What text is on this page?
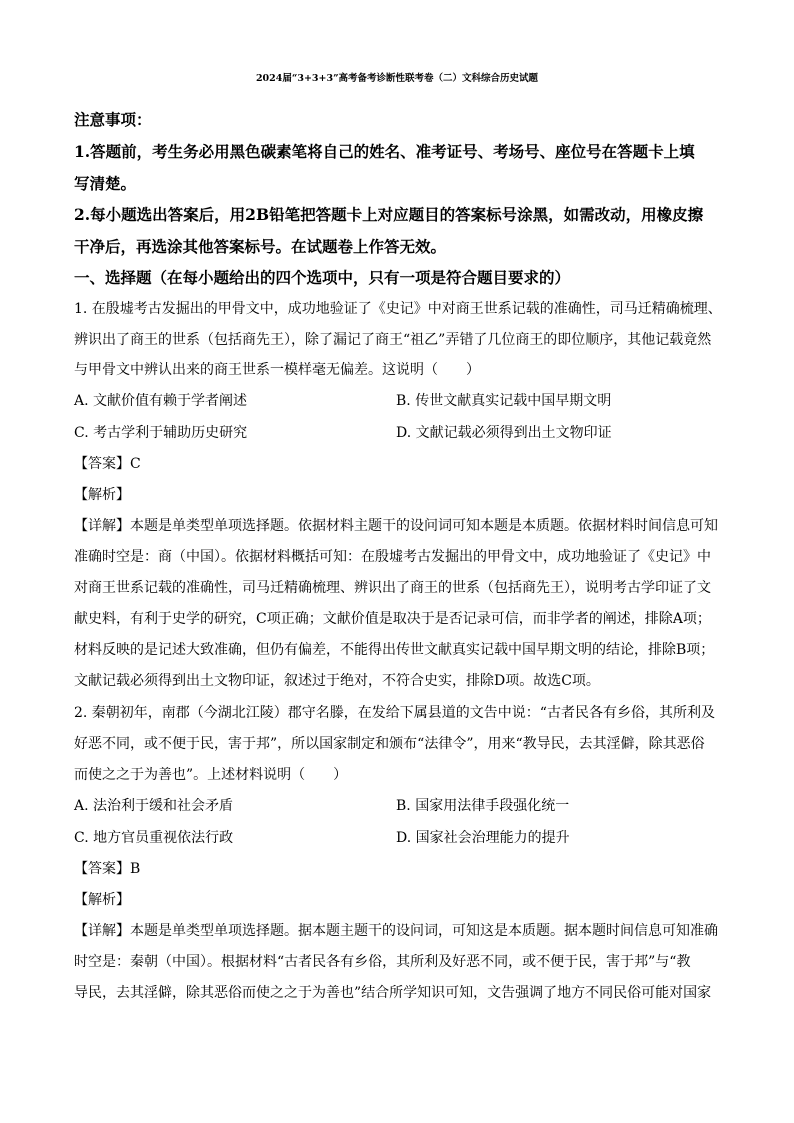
2024届“3+3+3”高考备考诊断性联考卷（二）文科综合历史试题
注意事项：
1.答题前，考生务必用黑色碳素笔将自己的姓名、准考证号、考场号、座位号在答题卡上填
写清楚。
2.每小题选出答案后，用2B铅笔把答题卡上对应题目的答案标号涂黑，如需改动，用橡皮擦
干净后，再选涂其他答案标号。在试题卷上作答无效。
一、选择题（在每小题给出的四个选项中，只有一项是符合题目要求的）
1. 在殷墟考古发掘出的甲骨文中，成功地验证了《史记》中对商王世系记载的准确性，司马迁精确梳理、
辨识出了商王的世系（包括商先王），除了漏记了商王“祖乙”弄错了几位商王的即位顺序，其他记载竟然
与甲骨文中辨认出来的商王世系一模样毫无偏差。这说明（　　）
A. 文献价值有赖于学者阐述	B. 传世文献真实记载中国早期文明
C. 考古学利于辅助历史研究	D. 文献记载必须得到出土文物印证
【答案】C
【解析】
【详解】本题是单类型单项选择题。依据材料主题干的设问词可知本题是本质题。依据材料时间信息可知
准确时空是：商（中国）。依据材料概括可知：在殷墟考古发掘出的甲骨文中，成功地验证了《史记》中
对商王世系记载的准确性，司马迁精确梳理、辨识出了商王的世系（包括商先王），说明考古学印证了文
献史料，有利于史学的研究，C项正确；文献价值是取决于是否记录可信，而非学者的阐述，排除A项；
材料反映的是记述大致准确，但仍有偏差，不能得出传世文献真实记载中国早期文明的结论，排除B项；
文献记载必须得到出土文物印证，叙述过于绝对，不符合史实，排除D项。故选C项。
2. 秦朝初年，南郡（今湖北江陵）郡守名滕，在发给下属县道的文告中说：“古者民各有乡俗，其所利及
好恶不同，或不便于民，害于邦”，所以国家制定和颁布“法律令”，用来“教导民，去其淫僻，除其恶俗
而使之之于为善也”。上述材料说明（　　）
A. 法治利于缓和社会矛盾	B. 国家用法律手段强化统一
C. 地方官员重视依法行政	D. 国家社会治理能力的提升
【答案】B
【解析】
【详解】本题是单类型单项选择题。据本题主题干的设问词，可知这是本质题。据本题时间信息可知准确
时空是：秦朝（中国）。根据材料“古者民各有乡俗，其所利及好恶不同，或不便于民，害于邦”与“教
导民，去其淫僻，除其恶俗而使之之于为善也”结合所学知识可知，文告强调了地方不同民俗可能对国家
